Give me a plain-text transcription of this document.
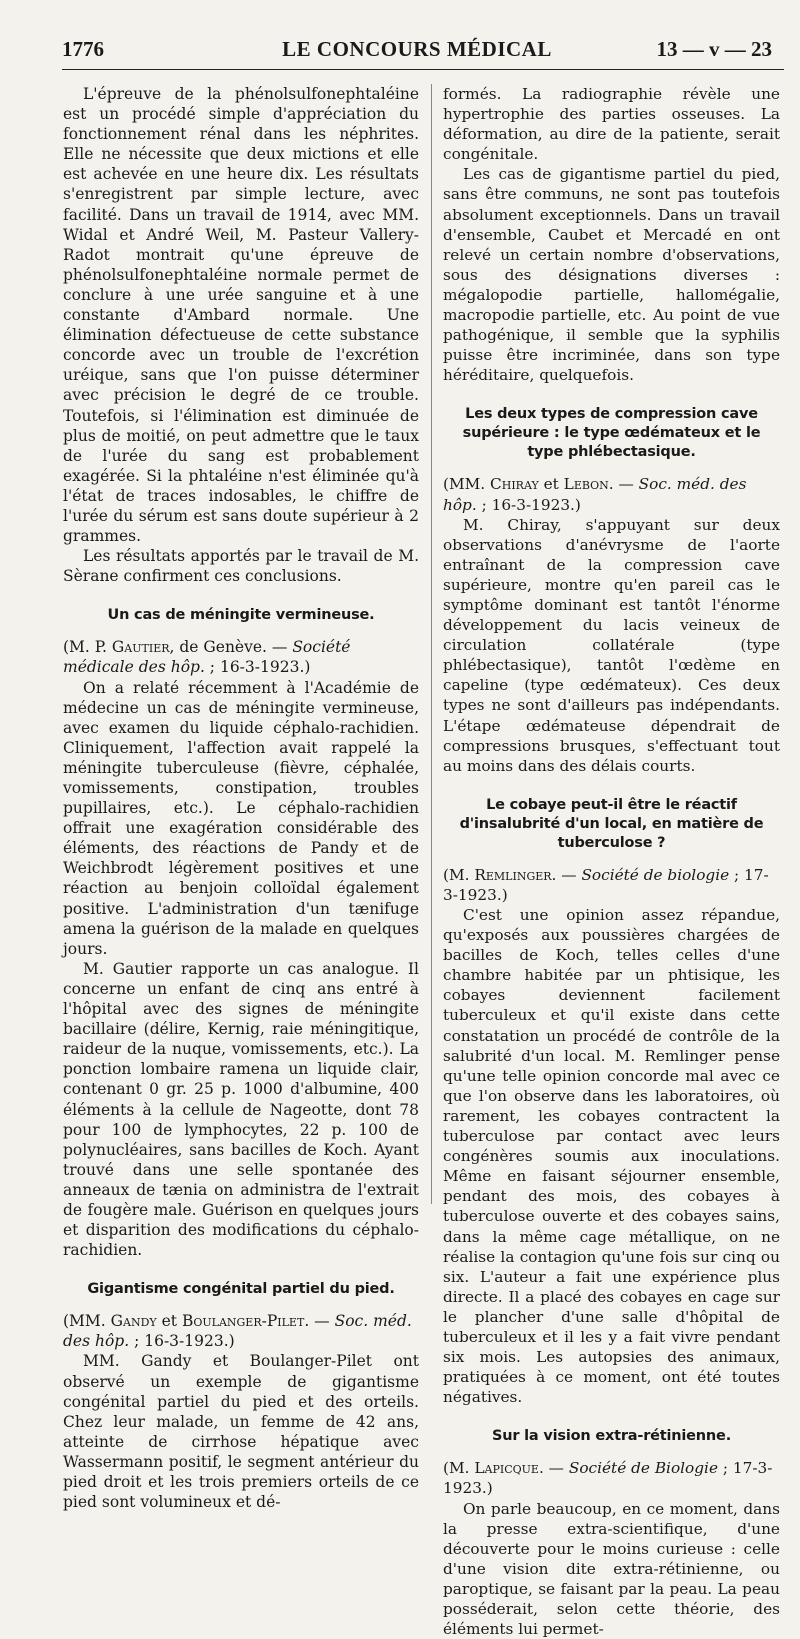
1776	LE CONCOURS MÉDICAL	13 — v — 23

L'épreuve de la phénolsulfonephtaléine est un procédé simple d'appréciation du fonctionnement rénal dans les néphrites. Elle ne nécessite que deux mictions et elle est achevée en une heure dix. Les résultats s'enregistrent par simple lecture, avec facilité. Dans un travail de 1914, avec MM. Widal et André Weil, M. Pasteur Vallery-Radot montrait qu'une épreuve de phénolsulfonephtaléine normale permet de conclure à une urée sanguine et à une constante d'Ambard normale. Une élimination défectueuse de cette substance concorde avec un trouble de l'excrétion uréique, sans que l'on puisse déterminer avec précision le degré de ce trouble. Toutefois, si l'élimination est diminuée de plus de moitié, on peut admettre que le taux de l'urée du sang est probablement exagérée. Si la phtaléine n'est éliminée qu'à l'état de traces indosables, le chiffre de l'urée du sérum est sans doute supérieur à 2 grammes.

Les résultats apportés par le travail de M. Sèrane confirment ces conclusions.

Un cas de méningite vermineuse.

(M. P. Gautier, de Genève. — Société médicale des hôp. ; 16-3-1923.)

On a relaté récemment à l'Académie de médecine un cas de méningite vermineuse, avec examen du liquide céphalo-rachidien. Cliniquement, l'affection avait rappelé la méningite tuberculeuse (fièvre, céphalée, vomissements, constipation, troubles pupillaires, etc.). Le céphalo-rachidien offrait une exagération considérable des éléments, des réactions de Pandy et de Weichbrodt légèrement positives et une réaction au benjoin colloïdal également positive. L'administration d'un tænifuge amena la guérison de la malade en quelques jours.

M. Gautier rapporte un cas analogue. Il concerne un enfant de cinq ans entré à l'hôpital avec des signes de méningite bacillaire (délire, Kernig, raie méningitique, raideur de la nuque, vomissements, etc.). La ponction lombaire ramena un liquide clair, contenant 0 gr. 25 p. 1000 d'albumine, 400 éléments à la cellule de Nageotte, dont 78 pour 100 de lymphocytes, 22 p. 100 de polynucléaires, sans bacilles de Koch. Ayant trouvé dans une selle spontanée des anneaux de tænia on administra de l'extrait de fougère male. Guérison en quelques jours et disparition des modifications du céphalo-rachidien.

Gigantisme congénital partiel du pied.

(MM. Gandy et Boulanger-Pilet. — Soc. méd. des hôp. ; 16-3-1923.)

MM. Gandy et Boulanger-Pilet ont observé un exemple de gigantisme congénital partiel du pied et des orteils. Chez leur malade, un femme de 42 ans, atteinte de cirrhose hépatique avec Wassermann positif, le segment antérieur du pied droit et les trois premiers orteils de ce pied sont volumineux et dé-

formés. La radiographie révèle une hypertrophie des parties osseuses. La déformation, au dire de la patiente, serait congénitale.

Les cas de gigantisme partiel du pied, sans être communs, ne sont pas toutefois absolument exceptionnels. Dans un travail d'ensemble, Caubet et Mercadé en ont relevé un certain nombre d'observations, sous des désignations diverses : mégalopodie partielle, hallomégalie, macropodie partielle, etc. Au point de vue pathogénique, il semble que la syphilis puisse être incriminée, dans son type héréditaire, quelquefois.

Les deux types de compression cave supérieure : le type œdémateux et le type phlébectasique.

(MM. Chiray et Lebon. — Soc. méd. des hôp. ; 16-3-1923.)

M. Chiray, s'appuyant sur deux observations d'anévrysme de l'aorte entraînant de la compression cave supérieure, montre qu'en pareil cas le symptôme dominant est tantôt l'énorme développement du lacis veineux de circulation collatérale (type phlébectasique), tantôt l'œdème en capeline (type œdémateux). Ces deux types ne sont d'ailleurs pas indépendants. L'étape œdémateuse dépendrait de compressions brusques, s'effectuant tout au moins dans des délais courts.

Le cobaye peut-il être le réactif d'insalubrité d'un local, en matière de tuberculose ?

(M. Remlinger. — Société de biologie ; 17-3-1923.)

C'est une opinion assez répandue, qu'exposés aux poussières chargées de bacilles de Koch, telles celles d'une chambre habitée par un phtisique, les cobayes deviennent facilement tuberculeux et qu'il existe dans cette constatation un procédé de contrôle de la salubrité d'un local. M. Remlinger pense qu'une telle opinion concorde mal avec ce que l'on observe dans les laboratoires, où rarement, les cobayes contractent la tuberculose par contact avec leurs congénères soumis aux inoculations. Même en faisant séjourner ensemble, pendant des mois, des cobayes à tuberculose ouverte et des cobayes sains, dans la même cage métallique, on ne réalise la contagion qu'une fois sur cinq ou six. L'auteur a fait une expérience plus directe. Il a placé des cobayes en cage sur le plancher d'une salle d'hôpital de tuberculeux et il les y a fait vivre pendant six mois. Les autopsies des animaux, pratiquées à ce moment, ont été toutes négatives.

Sur la vision extra-rétinienne.

(M. Lapicque. — Société de Biologie ; 17-3-1923.)

On parle beaucoup, en ce moment, dans la presse extra-scientifique, d'une découverte pour le moins curieuse : celle d'une vision dite extra-rétinienne, ou paroptique, se faisant par la peau. La peau posséderait, selon cette théorie, des éléments lui permet-
